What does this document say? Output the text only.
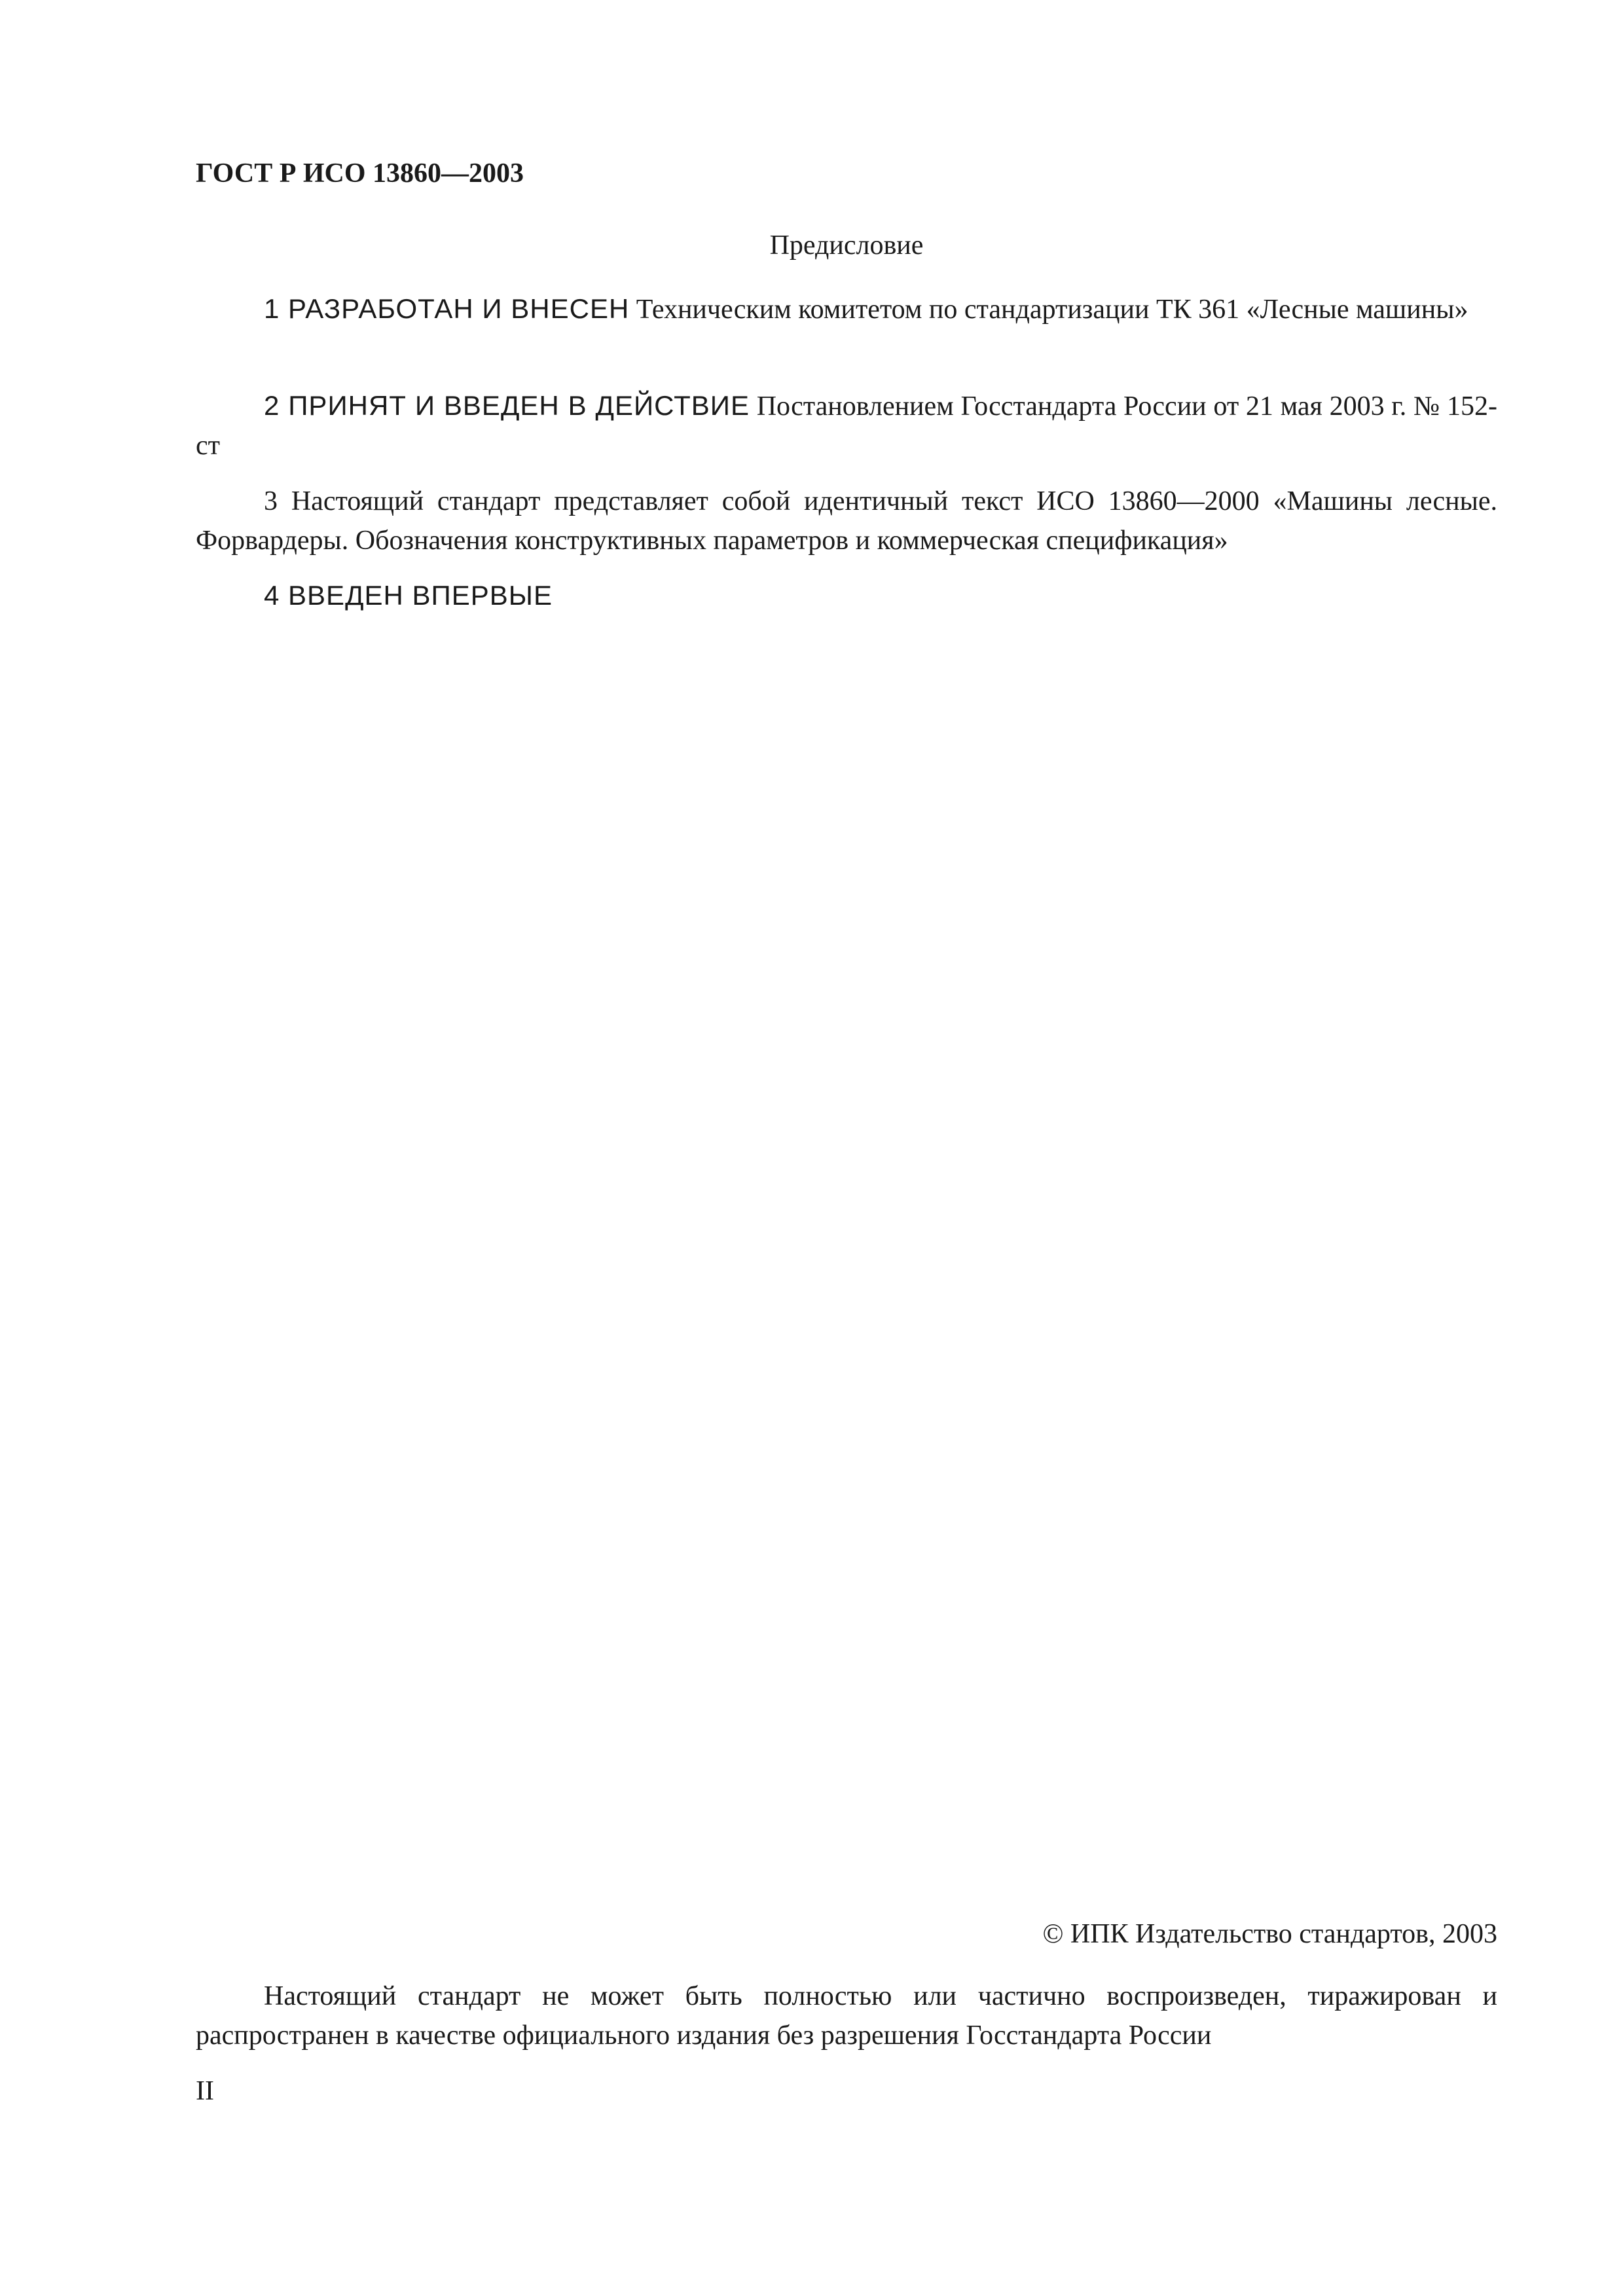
ГОСТ Р ИСО 13860—2003

Предисловие

1 РАЗРАБОТАН И ВНЕСЕН Техническим комитетом по стандартизации ТК 361 «Лесные машины»

2 ПРИНЯТ И ВВЕДЕН В ДЕЙСТВИЕ Постановлением Госстандарта России от 21 мая 2003 г. № 152-ст

3 Настоящий стандарт представляет собой идентичный текст ИСО 13860—2000 «Машины лесные. Форвардеры. Обозначения конструктивных параметров и коммерческая спецификация»

4 ВВЕДЕН ВПЕРВЫЕ

© ИПК Издательство стандартов, 2003

Настоящий стандарт не может быть полностью или частично воспроизведен, тиражирован и распространен в качестве официального издания без разрешения Госстандарта России

II
